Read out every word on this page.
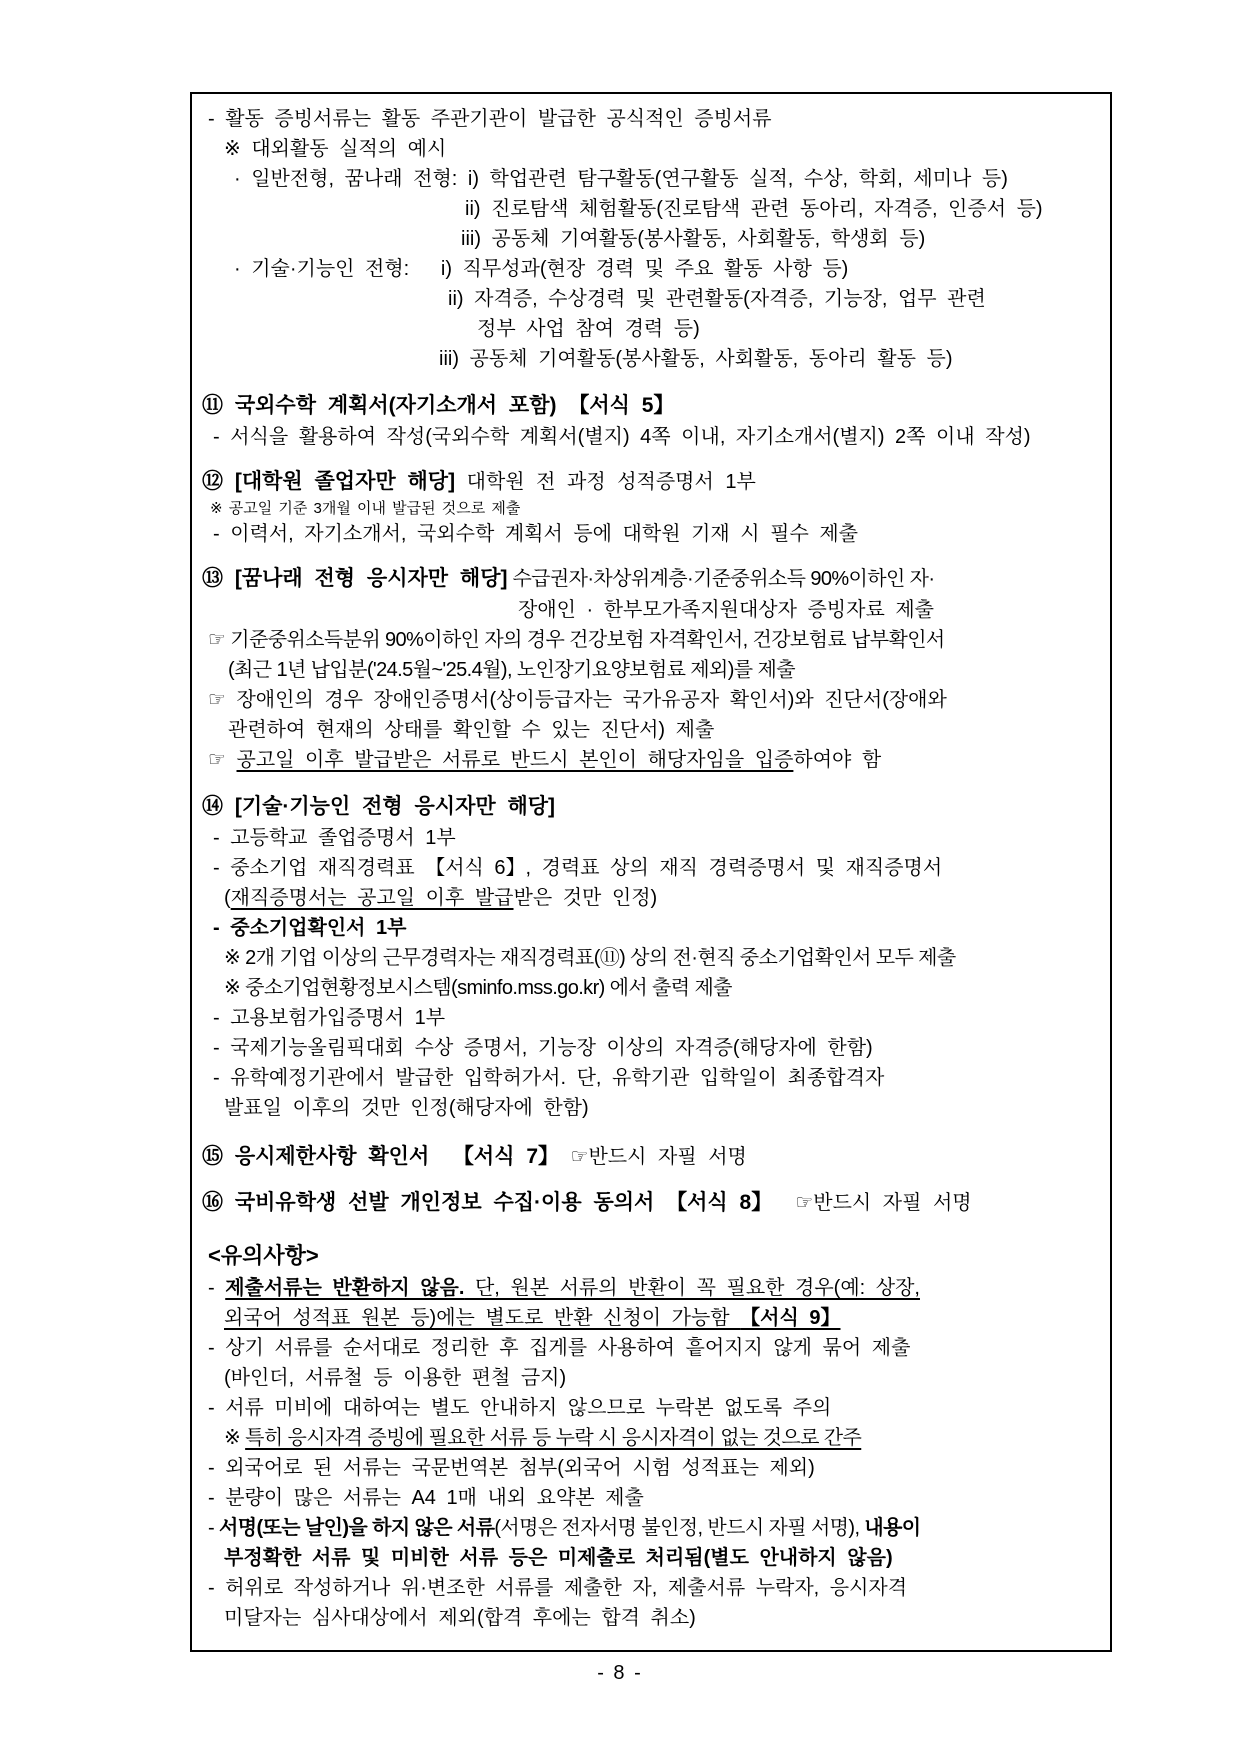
- 활동 증빙서류는 활동 주관기관이 발급한 공식적인 증빙서류
※ 대외활동 실적의 예시
· 일반전형, 꿈나래 전형: i) 학업관련 탐구활동(연구활동 실적, 수상, 학회, 세미나 등)
ii) 진로탐색 체험활동(진로탐색 관련 동아리, 자격증, 인증서 등)
iii) 공동체 기여활동(봉사활동, 사회활동, 학생회 등)
· 기술·기능인 전형:   i) 직무성과(현장 경력 및 주요 활동 사항 등)
ii) 자격증, 수상경력 및 관련활동(자격증, 기능장, 업무 관련
정부 사업 참여 경력 등)
iii) 공동체 기여활동(봉사활동, 사회활동, 동아리 활동 등)
⑪ 국외수학 계획서(자기소개서 포함) 【서식 5】
- 서식을 활용하여 작성(국외수학 계획서(별지) 4쪽 이내, 자기소개서(별지) 2쪽 이내 작성)
⑫ [대학원 졸업자만 해당] 대학원 전 과정 성적증명서 1부
※ 공고일 기준 3개월 이내 발급된 것으로 제출
- 이력서, 자기소개서, 국외수학 계획서 등에 대학원 기재 시 필수 제출
⑬ [꿈나래 전형 응시자만 해당] 수급권자·차상위계층·기준중위소득 90%이하인 자·
장애인 · 한부모가족지원대상자 증빙자료 제출
☞ 기준중위소득분위 90%이하인 자의 경우 건강보험 자격확인서, 건강보험료 납부확인서
(최근 1년 납입분('24.5월~'25.4월), 노인장기요양보험료 제외)를 제출
☞ 장애인의 경우 장애인증명서(상이등급자는 국가유공자 확인서)와 진단서(장애와
관련하여 현재의 상태를 확인할 수 있는 진단서) 제출
☞ 공고일 이후 발급받은 서류로 반드시 본인이 해당자임을 입증하여야 함
⑭ [기술·기능인 전형 응시자만 해당]
- 고등학교 졸업증명서 1부
- 중소기업 재직경력표 【서식 6】, 경력표 상의 재직 경력증명서 및 재직증명서
(재직증명서는 공고일 이후 발급받은 것만 인정)
- 중소기업확인서 1부
※ 2개 기업 이상의 근무경력자는 재직경력표(⑪) 상의 전·현직 중소기업확인서 모두 제출
※ 중소기업현황정보시스템(sminfo.mss.go.kr) 에서 출력 제출
- 고용보험가입증명서 1부
- 국제기능올림픽대회 수상 증명서, 기능장 이상의 자격증(해당자에 한함)
- 유학예정기관에서 발급한 입학허가서. 단, 유학기관 입학일이 최종합격자
발표일 이후의 것만 인정(해당자에 한함)
⑮ 응시제한사항 확인서  【서식 7】 ☞반드시 자필 서명
⑯ 국비유학생 선발 개인정보 수집·이용 동의서 【서식 8】  ☞반드시 자필 서명
<유의사항>
- 제출서류는 반환하지 않음. 단, 원본 서류의 반환이 꼭 필요한 경우(예: 상장,
외국어 성적표 원본 등)에는 별도로 반환 신청이 가능함 【서식 9】
- 상기 서류를 순서대로 정리한 후 집게를 사용하여 흩어지지 않게 묶어 제출
(바인더, 서류철 등 이용한 편철 금지)
- 서류 미비에 대하여는 별도 안내하지 않으므로 누락본 없도록 주의
※ 특히 응시자격 증빙에 필요한 서류 등 누락 시 응시자격이 없는 것으로 간주
- 외국어로 된 서류는 국문번역본 첨부(외국어 시험 성적표는 제외)
- 분량이 많은 서류는 A4 1매 내외 요약본 제출
- 서명(또는 날인)을 하지 않은 서류(서명은 전자서명 불인정, 반드시 자필 서명), 내용이
부정확한 서류 및 미비한 서류 등은 미제출로 처리됨(별도 안내하지 않음)
- 허위로 작성하거나 위·변조한 서류를 제출한 자, 제출서류 누락자, 응시자격
미달자는 심사대상에서 제외(합격 후에는 합격 취소)
- 8 -
